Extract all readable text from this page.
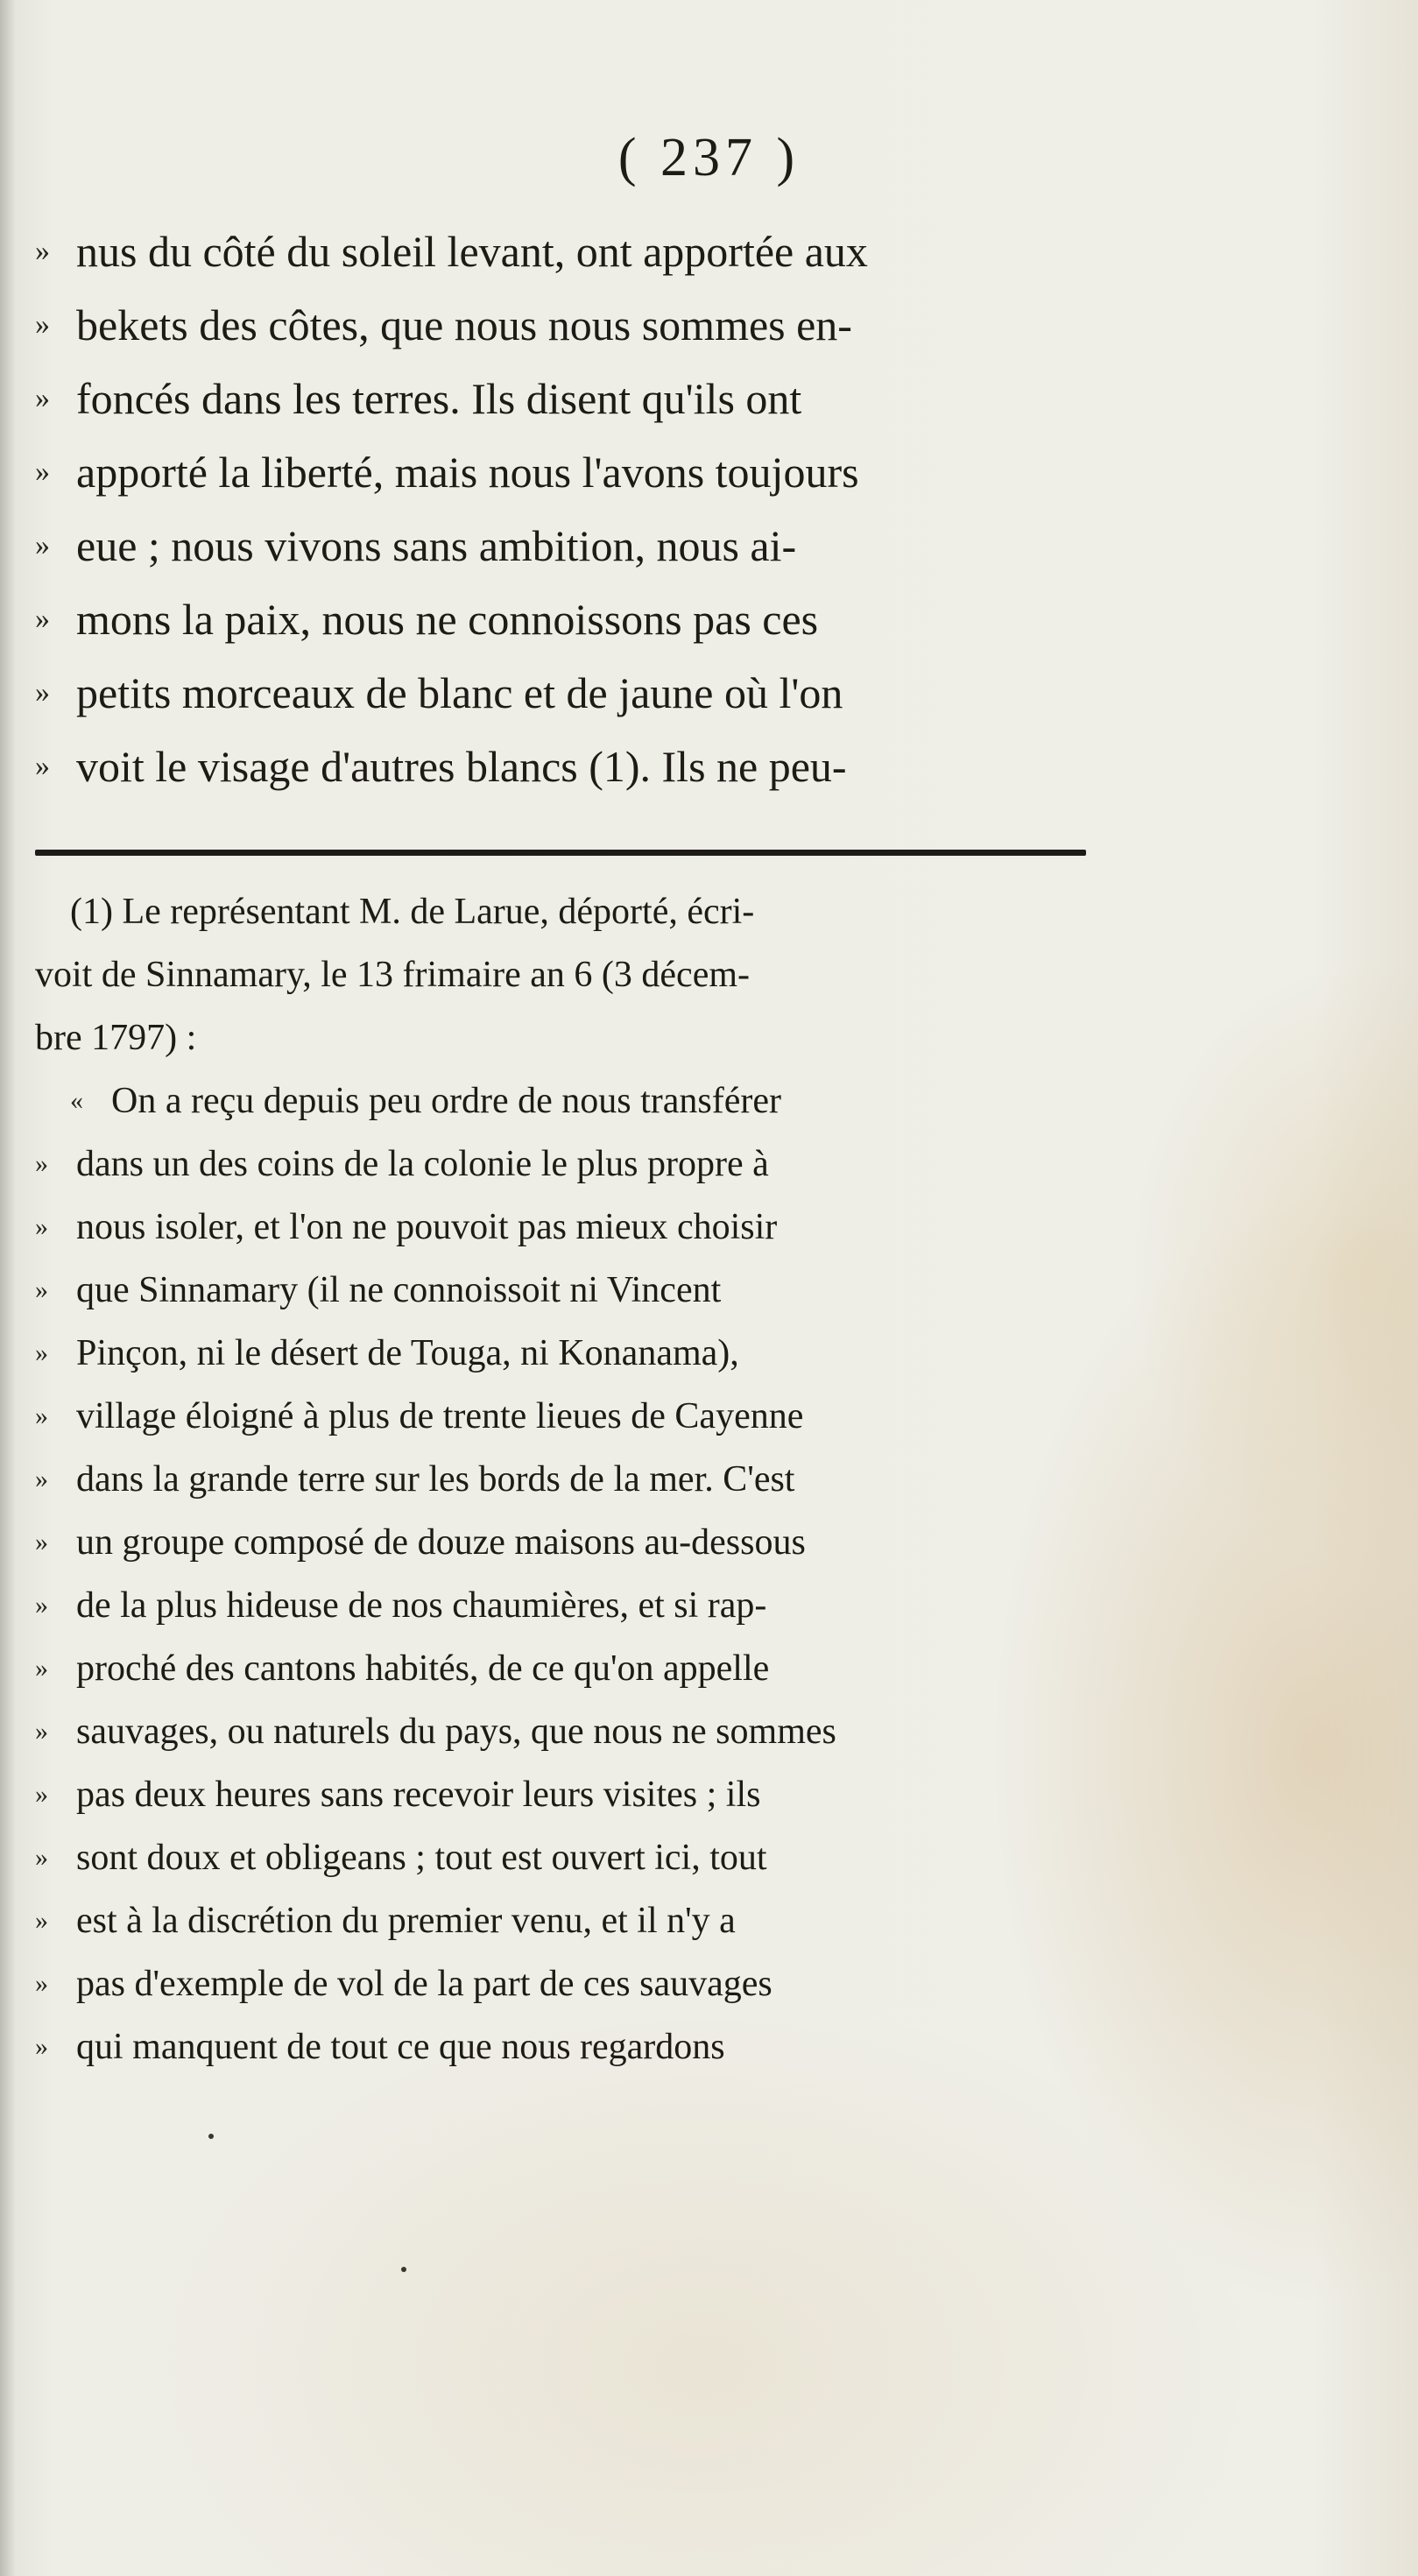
( 237 )
» nus du côté du soleil levant, ont apportée aux
» bekets des côtes, que nous nous sommes en-
» foncés dans les terres. Ils disent qu'ils ont
» apporté la liberté, mais nous l'avons toujours
» eue ; nous vivons sans ambition, nous ai-
» mons la paix, nous ne connoissons pas ces
» petits morceaux de blanc et de jaune où l'on
» voit le visage d'autres blancs (1). Ils ne peu-
(1) Le représentant M. de Larue, déporté, écri-
voit de Sinnamary, le 13 frimaire an 6 (3 décem-
bre 1797) :
« On a reçu depuis peu ordre de nous transférer
» dans un des coins de la colonie le plus propre à
» nous isoler, et l'on ne pouvoit pas mieux choisir
» que Sinnamary (il ne connoissoit ni Vincent
» Pinçon, ni le désert de Touga, ni Konanama),
» village éloigné à plus de trente lieues de Cayenne
» dans la grande terre sur les bords de la mer. C'est
» un groupe composé de douze maisons au-dessous
» de la plus hideuse de nos chaumières, et si rap-
» proché des cantons habités, de ce qu'on appelle
» sauvages, ou naturels du pays, que nous ne sommes
» pas deux heures sans recevoir leurs visites ; ils
» sont doux et obligeans ; tout est ouvert ici, tout
» est à la discrétion du premier venu, et il n'y a
» pas d'exemple de vol de la part de ces sauvages
» qui manquent de tout ce que nous regardons
